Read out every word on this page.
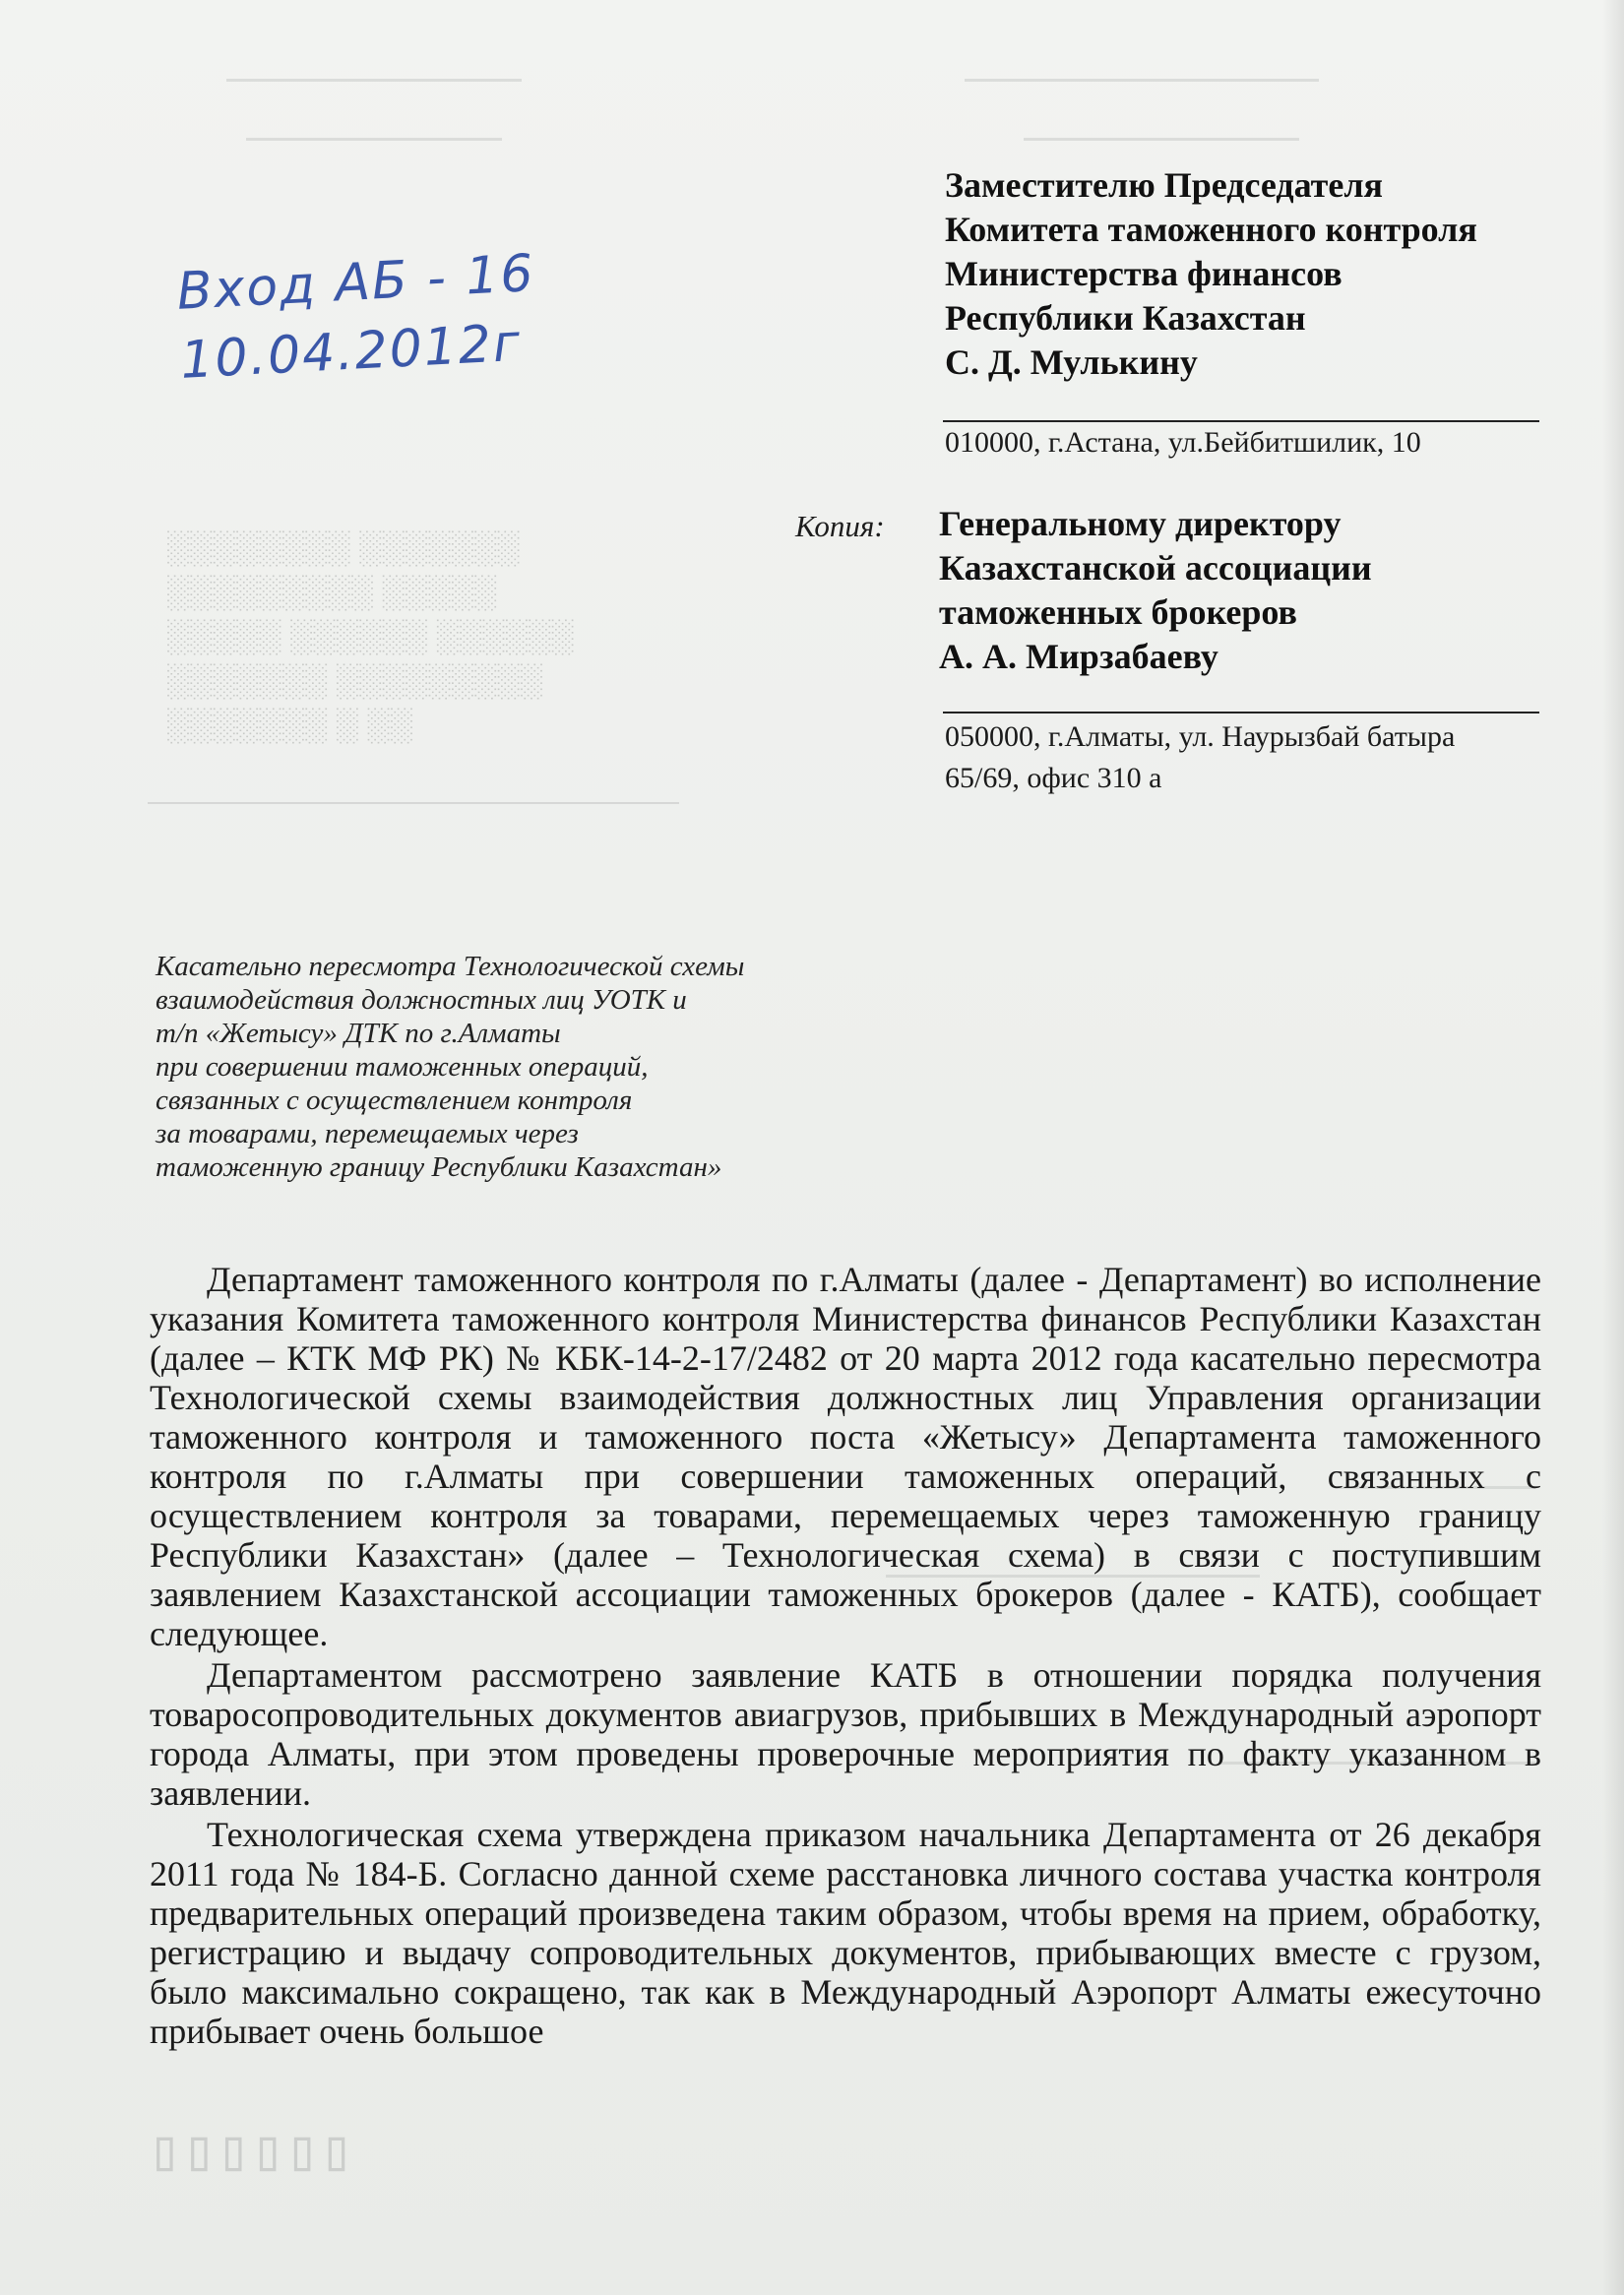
░░░░░░░ ░░░░░░░░
░░░░░ ░░░░░░░░░
░░░░░░ ░░░░░░ ░░░░░
░░░░░░░░░ ░░░░░░░
░░ ░ ░░░░░░░
Заместителю Председателя
Комитета таможенного контроля
Министерства финансов
Республики Казахстан
С. Д. Мулькину
010000, г.Астана, ул.Бейбитшилик, 10
Копия: Генеральному директору
Казахстанской ассоциации
таможенных брокеров
А. А. Мирзабаеву
050000, г.Алматы, ул. Наурызбай батыра
65/69, офис 310 а
Вход АБ - 16
10.04.2012г
Касательно пересмотра Технологической схемы
взаимодействия должностных лиц УОТК и
т/п «Жетысу» ДТК по г.Алматы
при совершении таможенных операций,
связанных с осуществлением контроля
за товарами, перемещаемых через
таможенную границу Республики Казахстан»

Департамент таможенного контроля по г.Алматы (далее - Департамент) во исполнение указания Комитета таможенного контроля Министерства финансов Республики Казахстан (далее – КТК МФ РК) № КБК-14-2-17/2482 от 20 марта 2012 года касательно пересмотра Технологической схемы взаимодействия должностных лиц Управления организации таможенного контроля и таможенного поста «Жетысу» Департамента таможенного контроля по г.Алматы при совершении таможенных операций, связанных с осуществлением контроля за товарами, перемещаемых через таможенную границу Республики Казахстан» (далее – Технологическая схема) в связи с поступившим заявлением Казахстанской ассоциации таможенных брокеров (далее - КАТБ), сообщает следующее.

Департаментом рассмотрено заявление КАТБ в отношении порядка получения товаросопроводительных документов авиагрузов, прибывших в Международный аэропорт города Алматы, при этом проведены проверочные мероприятия по факту указанном в заявлении.

Технологическая схема утверждена приказом начальника Департамента от 26 декабря 2011 года № 184-Б. Согласно данной схеме расстановка личного состава участка контроля предварительных операций произведена таким образом, чтобы время на прием, обработку, регистрацию и выдачу сопроводительных документов, прибывающих вместе с грузом, было максимально сокращено, так как в Международный Аэропорт Алматы ежесуточно прибывает очень большое

▯▯▯▯▯▯
